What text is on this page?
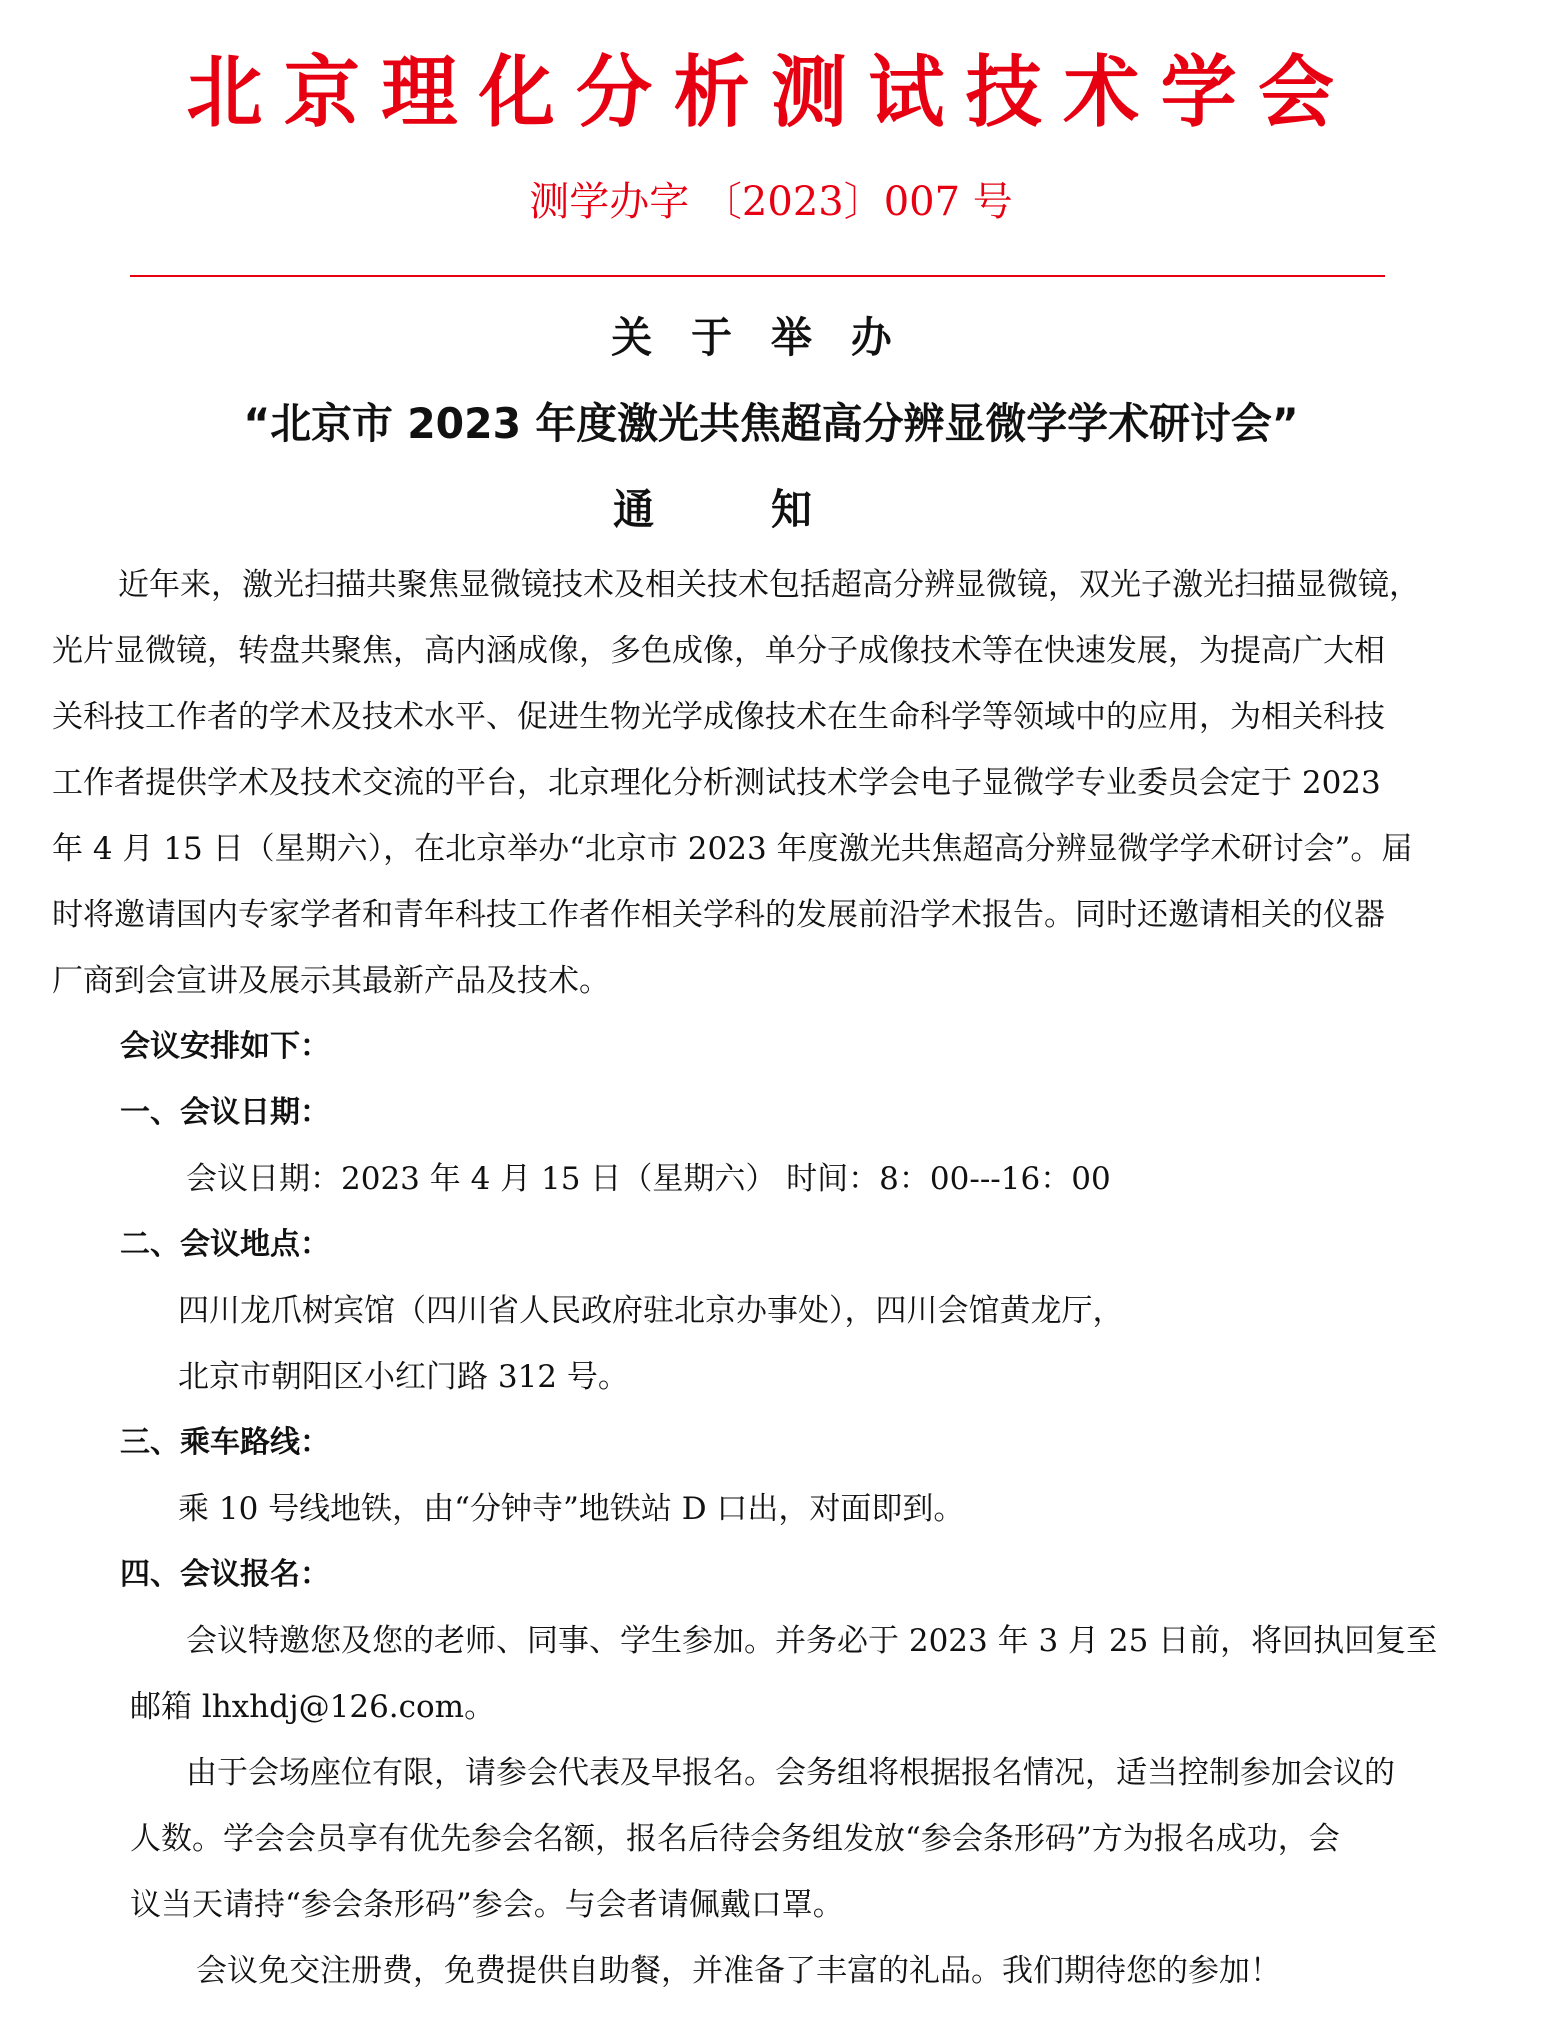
北京理化分析测试技术学会
测学办字 〔2023〕007 号
关于举办
“北京市 2023 年度激光共焦超高分辨显微学学术研讨会”
通知
近年来，激光扫描共聚焦显微镜技术及相关技术包括超高分辨显微镜，双光子激光扫描显微镜，
光片显微镜，转盘共聚焦，高内涵成像，多色成像，单分子成像技术等在快速发展，为提高广大相
关科技工作者的学术及技术水平、促进生物光学成像技术在生命科学等领域中的应用，为相关科技
工作者提供学术及技术交流的平台，北京理化分析测试技术学会电子显微学专业委员会定于 2023
年 4 月 15 日（星期六），在北京举办“北京市 2023 年度激光共焦超高分辨显微学学术研讨会”。届
时将邀请国内专家学者和青年科技工作者作相关学科的发展前沿学术报告。同时还邀请相关的仪器
厂商到会宣讲及展示其最新产品及技术。
会议安排如下：
一、会议日期：
会议日期：2023 年 4 月 15 日（星期六） 时间：8：00---16：00
二、会议地点：
四川龙爪树宾馆（四川省人民政府驻北京办事处），四川会馆黄龙厅，
北京市朝阳区小红门路 312 号。
三、乘车路线：
乘 10 号线地铁，由“分钟寺”地铁站 D 口出，对面即到。
四、会议报名：
会议特邀您及您的老师、同事、学生参加。并务必于 2023 年 3 月 25 日前，将回执回复至
邮箱 lhxhdj@126.com。
由于会场座位有限，请参会代表及早报名。会务组将根据报名情况，适当控制参加会议的
人数。学会会员享有优先参会名额，报名后待会务组发放“参会条形码”方为报名成功，会
议当天请持“参会条形码”参会。与会者请佩戴口罩。
会议免交注册费，免费提供自助餐，并准备了丰富的礼品。我们期待您的参加！
